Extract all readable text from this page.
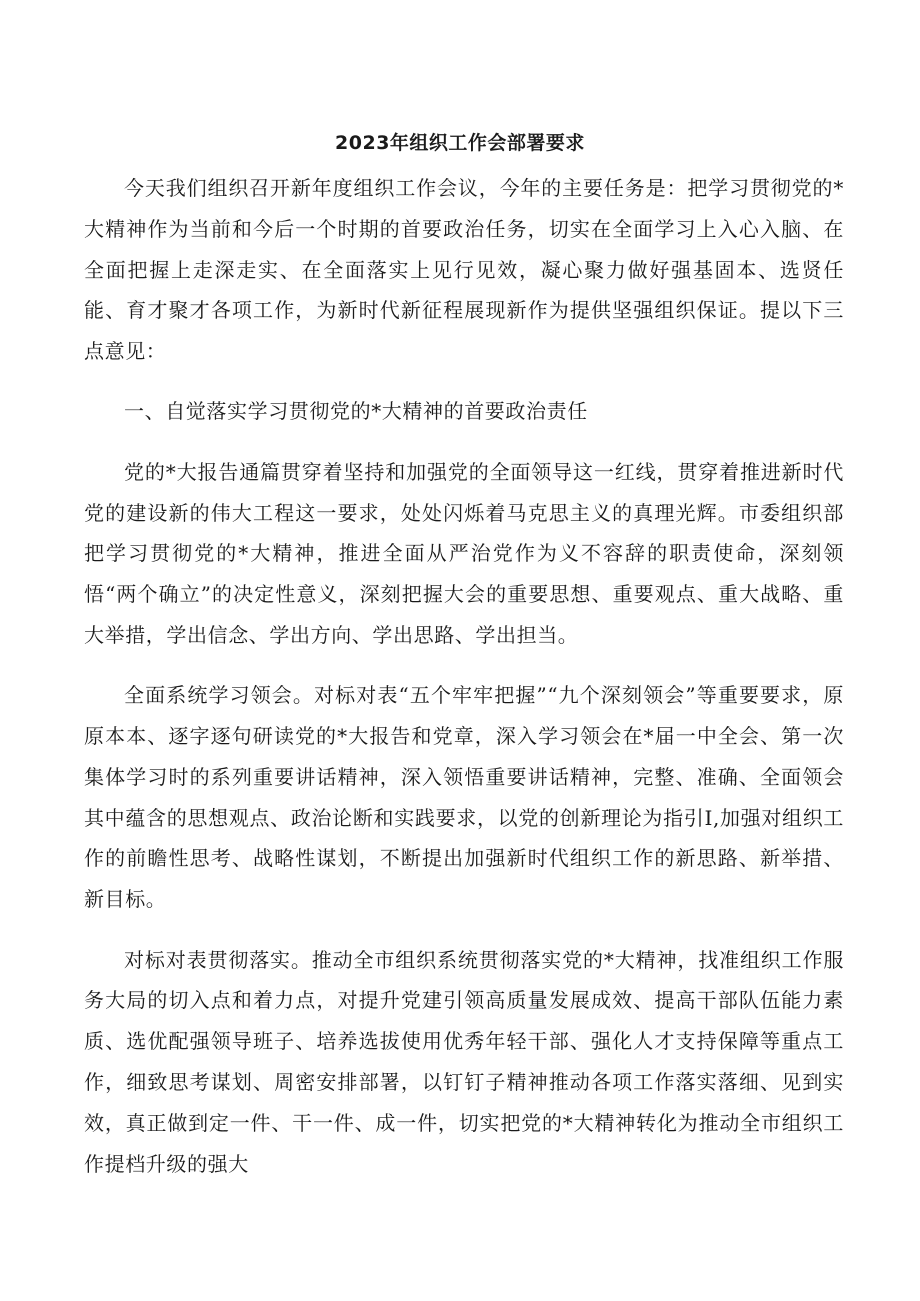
2023年组织工作会部署要求

今天我们组织召开新年度组织工作会议，今年的主要任务是：把学习贯彻党的*大精神作为当前和今后一个时期的首要政治任务，切实在全面学习上入心入脑、在全面把握上走深走实、在全面落实上见行见效，凝心聚力做好强基固本、选贤任能、育才聚才各项工作，为新时代新征程展现新作为提供坚强组织保证。提以下三点意见：

一、自觉落实学习贯彻党的*大精神的首要政治责任

党的*大报告通篇贯穿着坚持和加强党的全面领导这一红线，贯穿着推进新时代党的建设新的伟大工程这一要求，处处闪烁着马克思主义的真理光辉。市委组织部把学习贯彻党的*大精神，推进全面从严治党作为义不容辞的职责使命，深刻领悟“两个确立”的决定性意义，深刻把握大会的重要思想、重要观点、重大战略、重大举措，学出信念、学出方向、学出思路、学出担当。

全面系统学习领会。对标对表“五个牢牢把握”“九个深刻领会”等重要要求，原原本本、逐字逐句研读党的*大报告和党章，深入学习领会在*届一中全会、第一次集体学习时的系列重要讲话精神，深入领悟重要讲话精神，完整、准确、全面领会其中蕴含的思想观点、政治论断和实践要求，以党的创新理论为指引I,加强对组织工作的前瞻性思考、战略性谋划，不断提出加强新时代组织工作的新思路、新举措、新目标。

对标对表贯彻落实。推动全市组织系统贯彻落实党的*大精神，找准组织工作服务大局的切入点和着力点，对提升党建引领高质量发展成效、提高干部队伍能力素质、选优配强领导班子、培养选拔使用优秀年轻干部、强化人才支持保障等重点工作，细致思考谋划、周密安排部署，以钉钉子精神推动各项工作落实落细、见到实效，真正做到定一件、干一件、成一件，切实把党的*大精神转化为推动全市组织工作提档升级的强大
